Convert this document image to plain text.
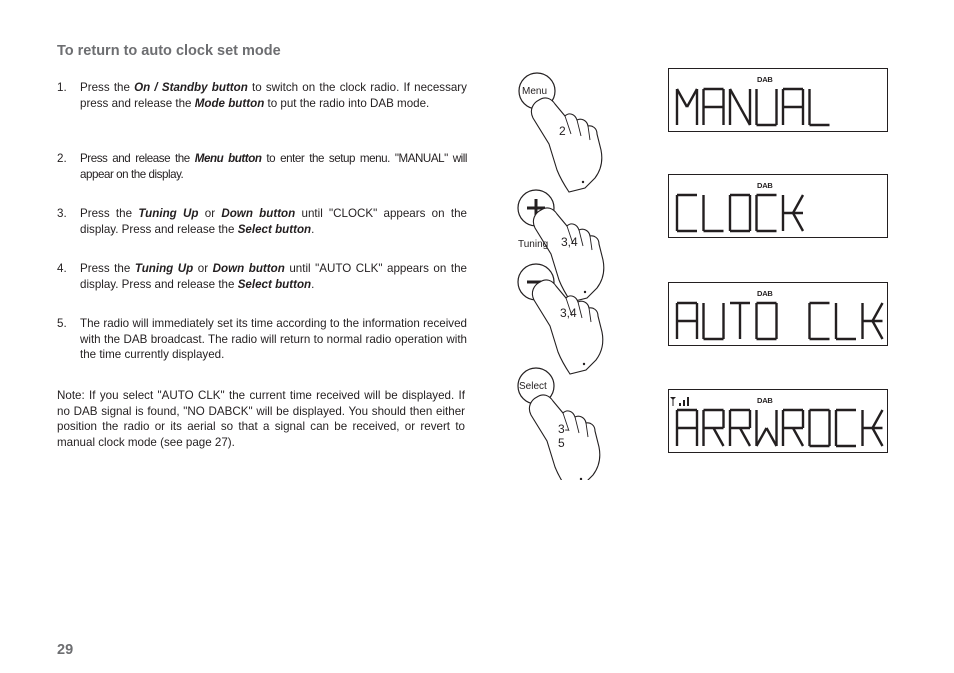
To return to auto clock set mode
1. Press the On / Standby button to switch on the clock radio. If necessary press and release the Mode button to put the radio into DAB mode.
2. Press and release the Menu button to enter the setup menu. "MANUAL" will appear on the display.
3. Press the Tuning Up or Down button until "CLOCK" appears on the display. Press and release the Select button.
4. Press the Tuning Up or Down button until "AUTO CLK" appears on the display. Press and release the Select button.
5. The radio will immediately set its time according to the information received with the DAB broadcast. The radio will return to normal radio operation with the time currently displayed.
Note: If you select "AUTO CLK" the current time received will be displayed. If no DAB signal is found, "NO DABCK" will be displayed. You should then either position the radio or its aerial so that a signal can be received, or revert to manual clock mode (see page 27).
29
Menu
2
3,4
Tuning
3,4
Select
3-5
DAB
DAB
DAB
DAB
